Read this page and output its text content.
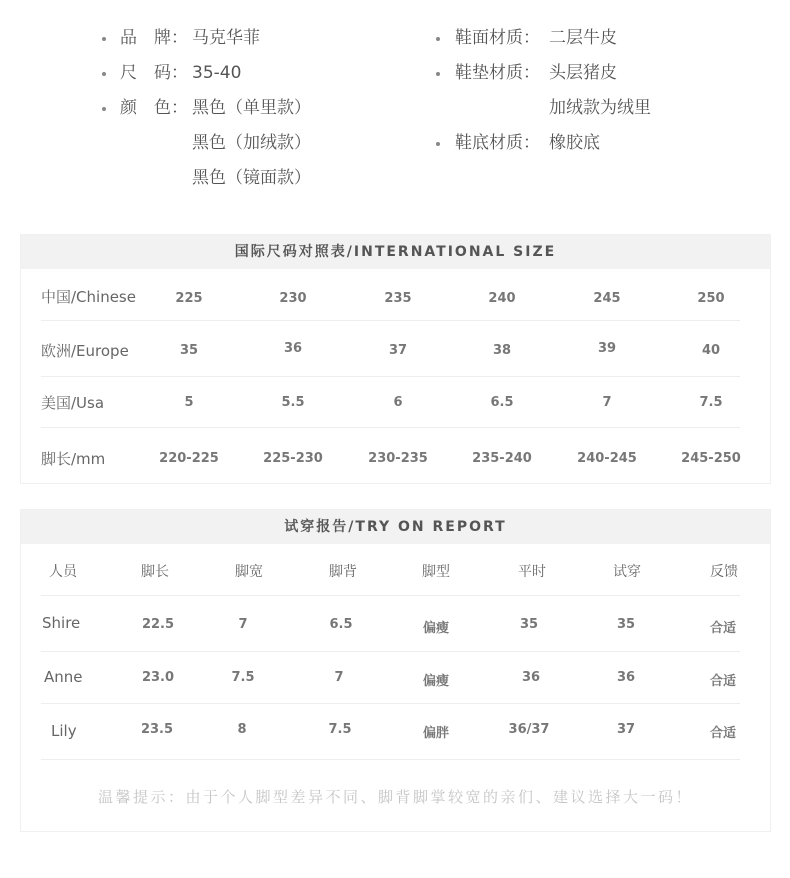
品　牌： 马克华菲
尺　码： 35-40
颜　色： 黑色（单里款）
黑色（加绒款）
黑色（镜面款）
鞋面材质： 二层牛皮
鞋垫材质： 头层猪皮
加绒款为绒里
鞋底材质： 橡胶底
国际尺码对照表/INTERNATIONAL SIZE
中国/Chinese	225	230	235	240	245	250
欧洲/Europe	35	36	37	38	39	40
美国/Usa	5	5.5	6	6.5	7	7.5
脚长/mm	220-225	225-230	230-235	235-240	240-245	245-250
试穿报告/TRY ON REPORT
人员	脚长	脚宽	脚背	脚型	平时	试穿	反馈
Shire	22.5	7	6.5	偏瘦	35	35	合适
Anne	23.0	7.5	7	偏瘦	36	36	合适
Lily	23.5	8	7.5	偏胖	36/37	37	合适
温馨提示：由于个人脚型差异不同、脚背脚掌较宽的亲们、建议选择大一码！
